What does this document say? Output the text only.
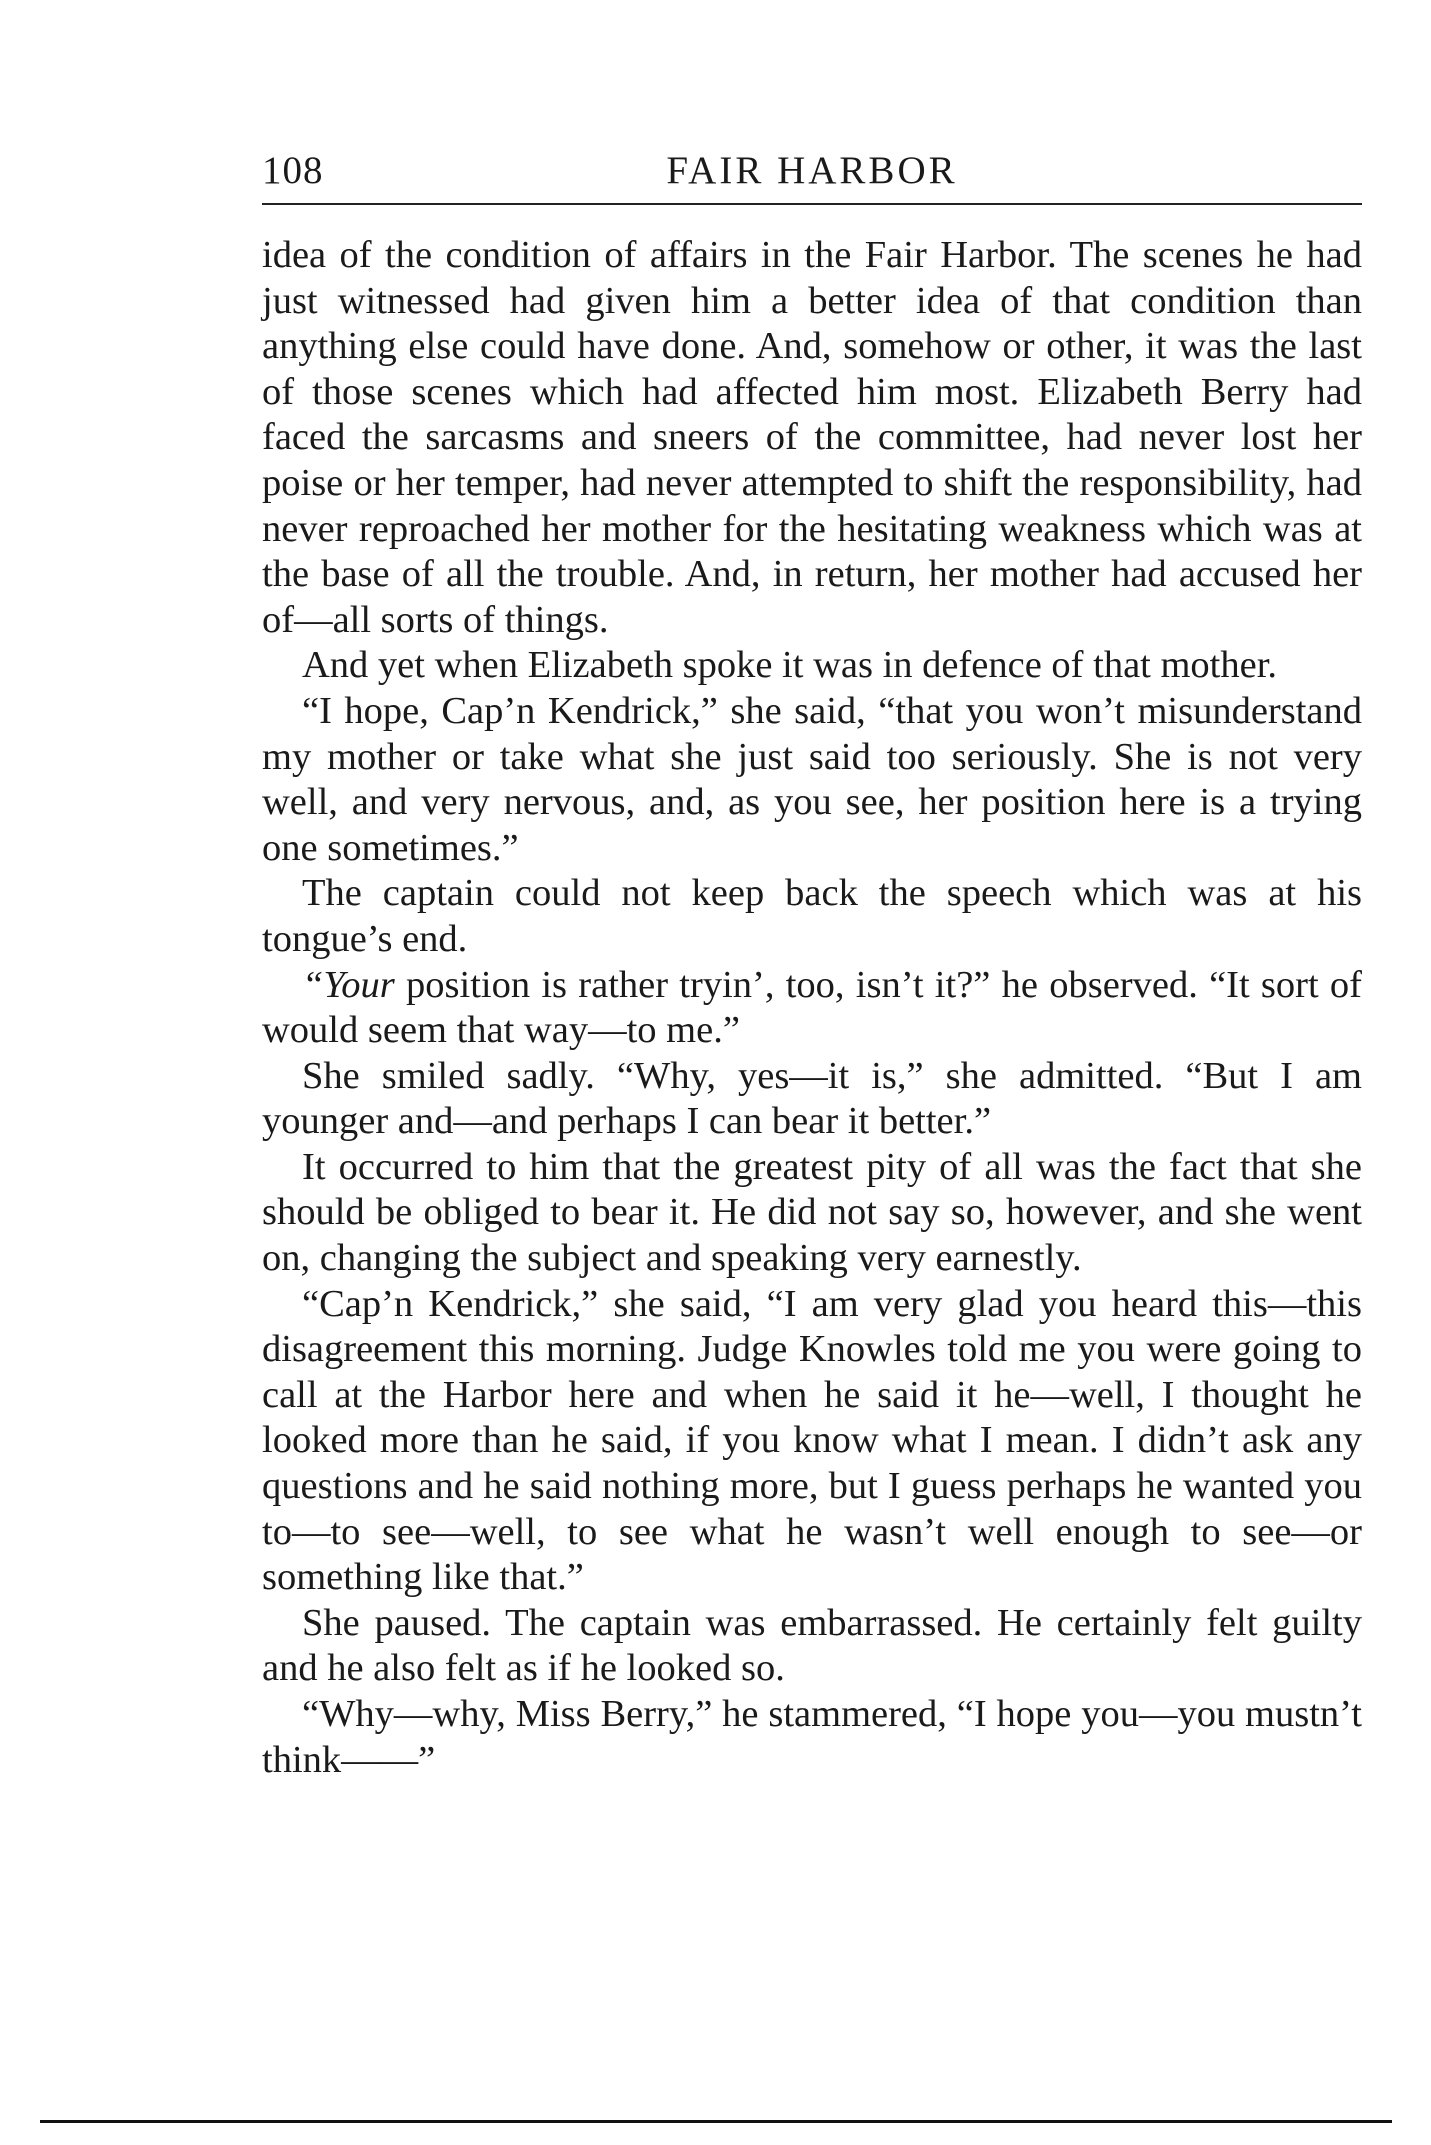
108	FAIR HARBOR

idea of the condition of affairs in the Fair Harbor. The scenes he had just witnessed had given him a better idea of that condition than anything else could have done. And, somehow or other, it was the last of those scenes which had affected him most. Elizabeth Berry had faced the sarcasms and sneers of the committee, had never lost her poise or her temper, had never attempted to shift the responsibility, had never reproached her mother for the hesitating weakness which was at the base of all the trouble. And, in return, her mother had accused her of—all sorts of things.

And yet when Elizabeth spoke it was in defence of that mother.

“I hope, Cap’n Kendrick,” she said, “that you won’t misunderstand my mother or take what she just said too seriously. She is not very well, and very nervous, and, as you see, her position here is a trying one sometimes.”

The captain could not keep back the speech which was at his tongue’s end.

“Your position is rather tryin’, too, isn’t it?” he observed. “It sort of would seem that way—to me.”

She smiled sadly. “Why, yes—it is,” she admitted. “But I am younger and—and perhaps I can bear it better.”

It occurred to him that the greatest pity of all was the fact that she should be obliged to bear it. He did not say so, however, and she went on, changing the subject and speaking very earnestly.

“Cap’n Kendrick,” she said, “I am very glad you heard this—this disagreement this morning. Judge Knowles told me you were going to call at the Harbor here and when he said it he—well, I thought he looked more than he said, if you know what I mean. I didn’t ask any questions and he said nothing more, but I guess perhaps he wanted you to—to see—well, to see what he wasn’t well enough to see—or something like that.”

She paused. The captain was embarrassed. He certainly felt guilty and he also felt as if he looked so.

“Why—why, Miss Berry,” he stammered, “I hope you—you mustn’t think——”
